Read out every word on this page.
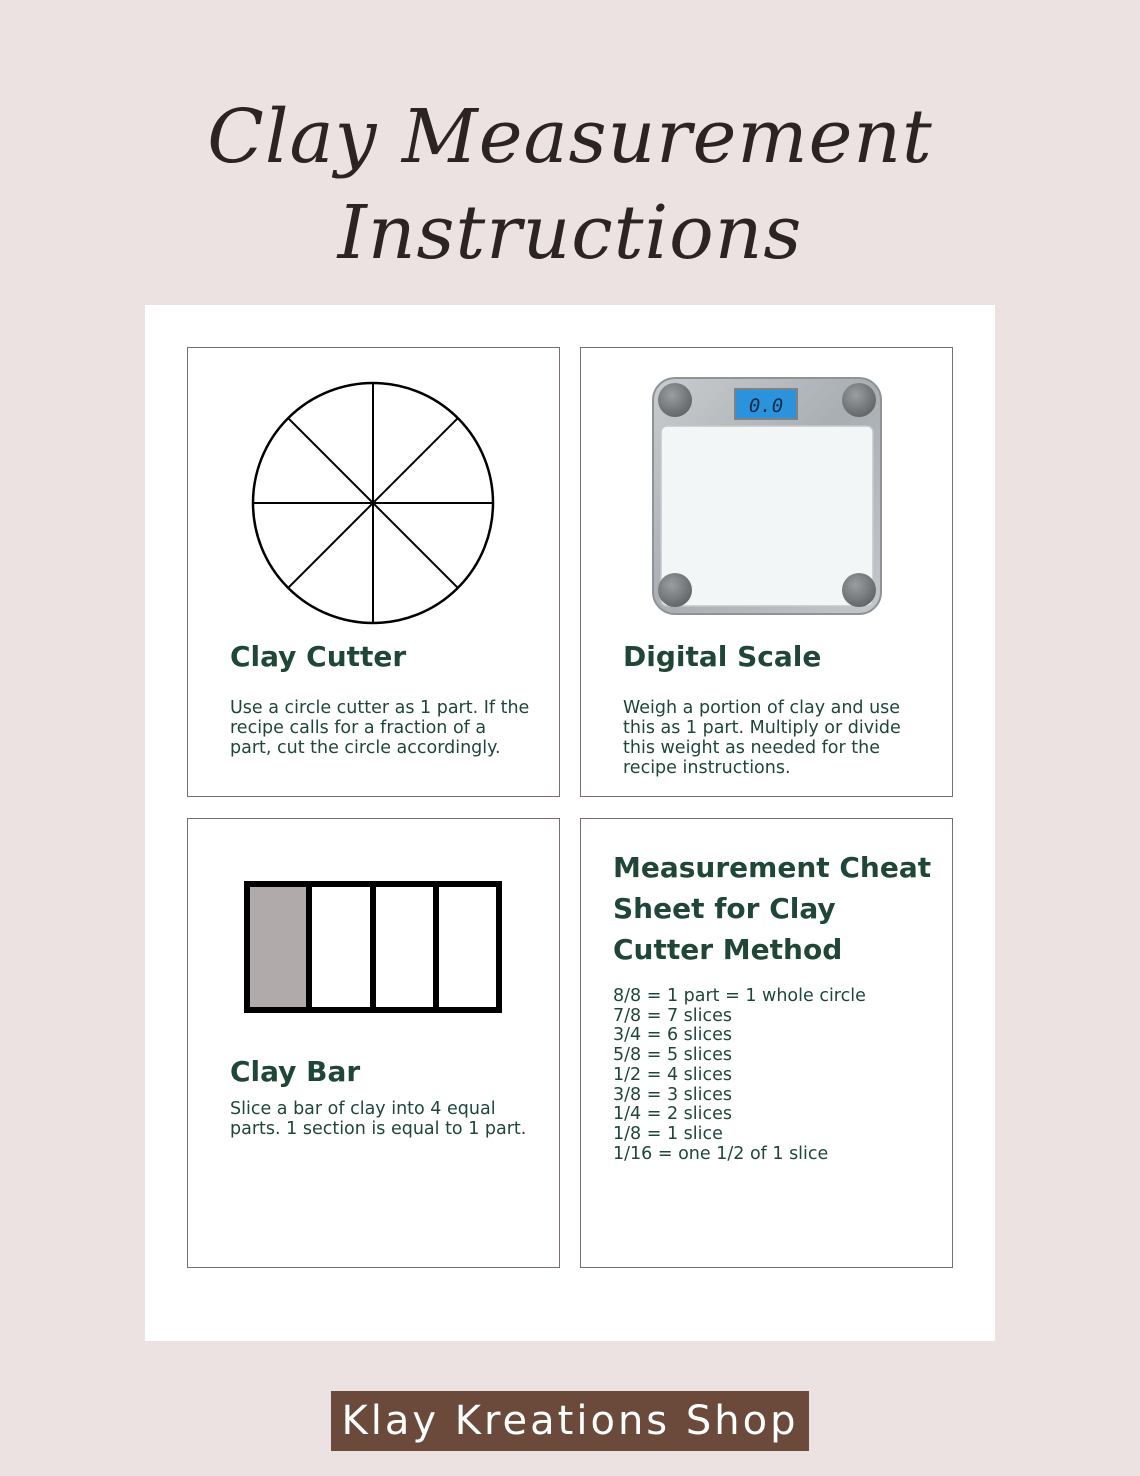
Clay Measurement
Instructions
Clay Cutter
Use a circle cutter as 1 part. If the recipe calls for a fraction of a part, cut the circle accordingly.
0.0
Digital Scale
Weigh a portion of clay and use this as 1 part. Multiply or divide this weight as needed for the recipe instructions.
Clay Bar
Slice a bar of clay into 4 equal parts. 1 section is equal to 1 part.
Measurement Cheat Sheet for Clay Cutter Method
8/8 = 1 part = 1 whole circle
7/8 = 7 slices
3/4 = 6 slices
5/8 = 5 slices
1/2 = 4 slices
3/8 = 3 slices
1/4 = 2 slices
1/8 = 1 slice
1/16 = one 1/2 of 1 slice
Klay Kreations Shop
